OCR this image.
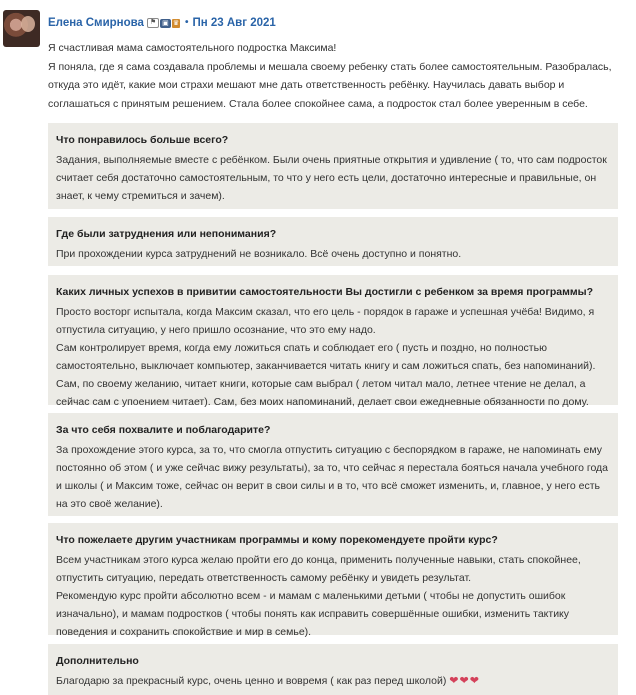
Елена Смирнова ⚑ ▣ ♛ • Пн 23 Авг 2021

Я счастливая мама самостоятельного подростка Максима!

Я поняла, где я сама создавала проблемы и мешала своему ребенку стать более самостоятельным. Разобралась, откуда это идёт, какие мои страхи мешают мне дать ответственность ребёнку. Научилась давать выбор и соглашаться с принятым решением. Стала более спокойнее сама, а подросток стал более уверенным в себе.

Что понравилось больше всего?

Задания, выполняемые вместе с ребёнком. Были очень приятные открытия и удивление ( то, что сам подросток считает себя достаточно самостоятельным, то что у него есть цели, достаточно интересные и правильные, он знает, к чему стремиться и зачем).

Где были затруднения или непонимания?

При прохождении курса затруднений не возникало. Всё очень доступно и понятно.

Каких личных успехов в привитии самостоятельности Вы достигли с ребенком за время программы?

Просто восторг испытала, когда Максим сказал, что его цель - порядок в гараже и успешная учёба! Видимо, я отпустила ситуацию, у него пришло осознание, что это ему надо.

Сам контролирует время, когда ему ложиться спать и соблюдает его ( пусть и поздно, но полностью самостоятельно, выключает компьютер, заканчивается читать книгу и сам ложиться спать, без напоминаний). Сам, по своему желанию, читает книги, которые сам выбрал ( летом читал мало, летнее чтение не делал, а сейчас сам с упоением читает). Сам, без моих напоминаний, делает свои ежедневные обязанности по дому.

За что себя похвалите и поблагодарите?

За прохождение этого курса, за то, что смогла отпустить ситуацию с беспорядком в гараже, не напоминать ему постоянно об этом ( и уже сейчас вижу результаты), за то, что сейчас я перестала бояться начала учебного года и школы ( и Максим тоже, сейчас он верит в свои силы и в то, что всё сможет изменить, и, главное, у него есть на это своё желание).

Что пожелаете другим участникам программы и кому порекомендуете пройти курс?

Всем участникам этого курса желаю пройти его до конца, применить полученные навыки, стать спокойнее, отпустить ситуацию, передать ответственность самому ребёнку и увидеть результат.

Рекомендую курс пройти абсолютно всем - и мамам с маленькими детьми ( чтобы не допустить ошибок изначально), и мамам подростков ( чтобы понять как исправить совершённые ошибки, изменить тактику поведения и сохранить спокойствие и мир в семье).

Дополнительно

Благодарю за прекрасный курс, очень ценно и вовремя ( как раз перед школой) ❤❤❤
